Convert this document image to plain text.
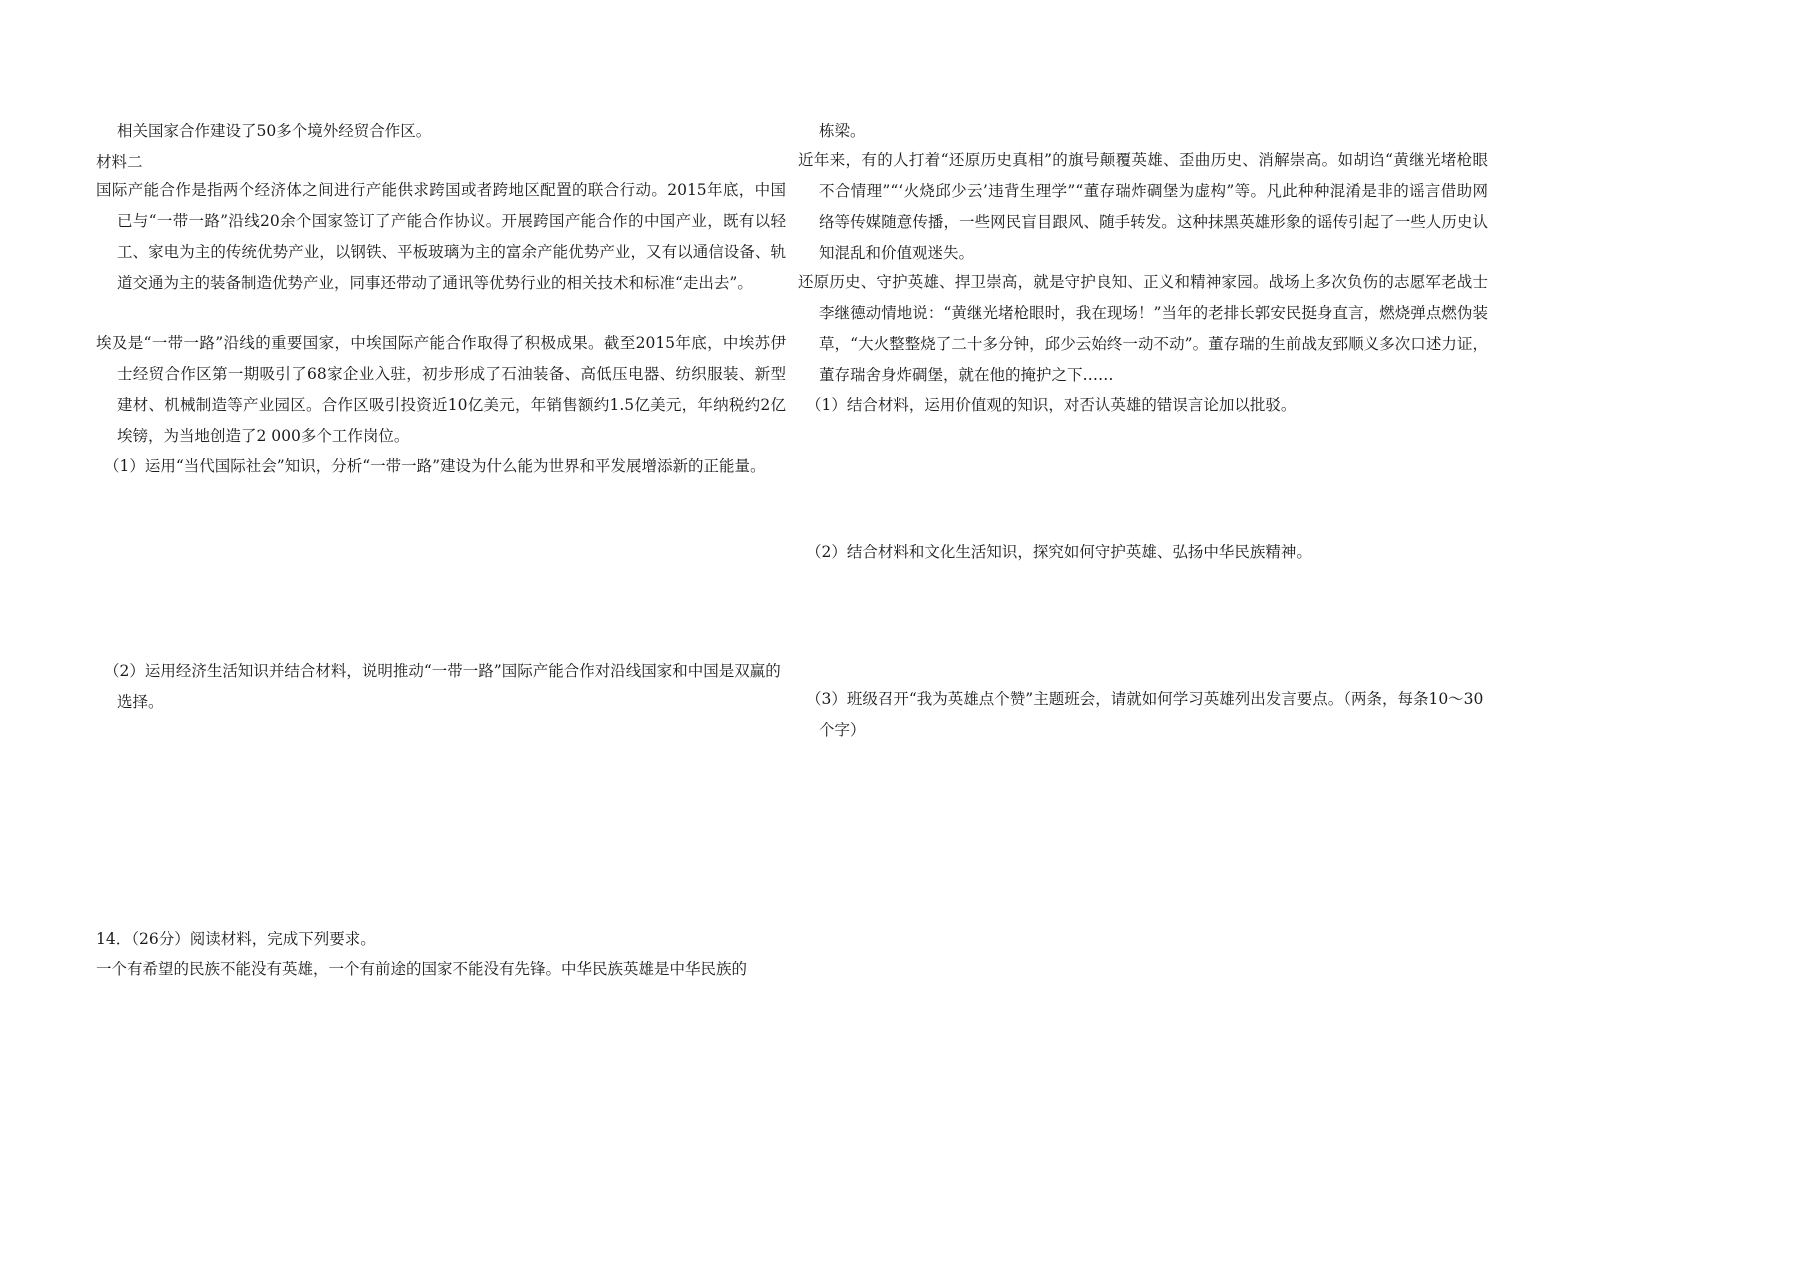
相关国家合作建设了50多个境外经贸合作区。
材料二
国际产能合作是指两个经济体之间进行产能供求跨国或者跨地区配置的联合行动。2015年底，中国已与“一带一路”沿线20余个国家签订了产能合作协议。开展跨国产能合作的中国产业，既有以轻工、家电为主的传统优势产业，以钢铁、平板玻璃为主的富余产能优势产业，又有以通信设备、轨道交通为主的装备制造优势产业，同事还带动了通讯等优势行业的相关技术和标准“走出去”。
埃及是“一带一路”沿线的重要国家，中埃国际产能合作取得了积极成果。截至2015年底，中埃苏伊士经贸合作区第一期吸引了68家企业入驻，初步形成了石油装备、高低压电器、纺织服装、新型建材、机械制造等产业园区。合作区吸引投资近10亿美元，年销售额约1.5亿美元，年纳税约2亿埃镑，为当地创造了2 000多个工作岗位。
（1）运用“当代国际社会”知识，分析“一带一路”建设为什么能为世界和平发展增添新的正能量。
（2）运用经济生活知识并结合材料，说明推动“一带一路”国际产能合作对沿线国家和中国是双赢的选择。
14．（26分）阅读材料，完成下列要求。
一个有希望的民族不能没有英雄，一个有前途的国家不能没有先锋。中华民族英雄是中华民族的
栋梁。
近年来，有的人打着“还原历史真相”的旗号颠覆英雄、歪曲历史、消解崇高。如胡诌“黄继光堵枪眼不合情理”“‘火烧邱少云’违背生理学”“董存瑞炸碉堡为虚构”等。凡此种种混淆是非的谣言借助网络等传媒随意传播，一些网民盲目跟风、随手转发。这种抹黑英雄形象的谣传引起了一些人历史认知混乱和价值观迷失。
还原历史、守护英雄、捍卫崇高，就是守护良知、正义和精神家园。战场上多次负伤的志愿军老战士李继德动情地说：“黄继光堵枪眼时，我在现场！”当年的老排长郭安民挺身直言，燃烧弹点燃伪装草，“大火整整烧了二十多分钟，邱少云始终一动不动”。董存瑞的生前战友郅顺义多次口述力证，董存瑞舍身炸碉堡，就在他的掩护之下……
（1）结合材料，运用价值观的知识，对否认英雄的错误言论加以批驳。
（2）结合材料和文化生活知识，探究如何守护英雄、弘扬中华民族精神。
（3）班级召开“我为英雄点个赞”主题班会，请就如何学习英雄列出发言要点。（两条，每条10～30个字）
